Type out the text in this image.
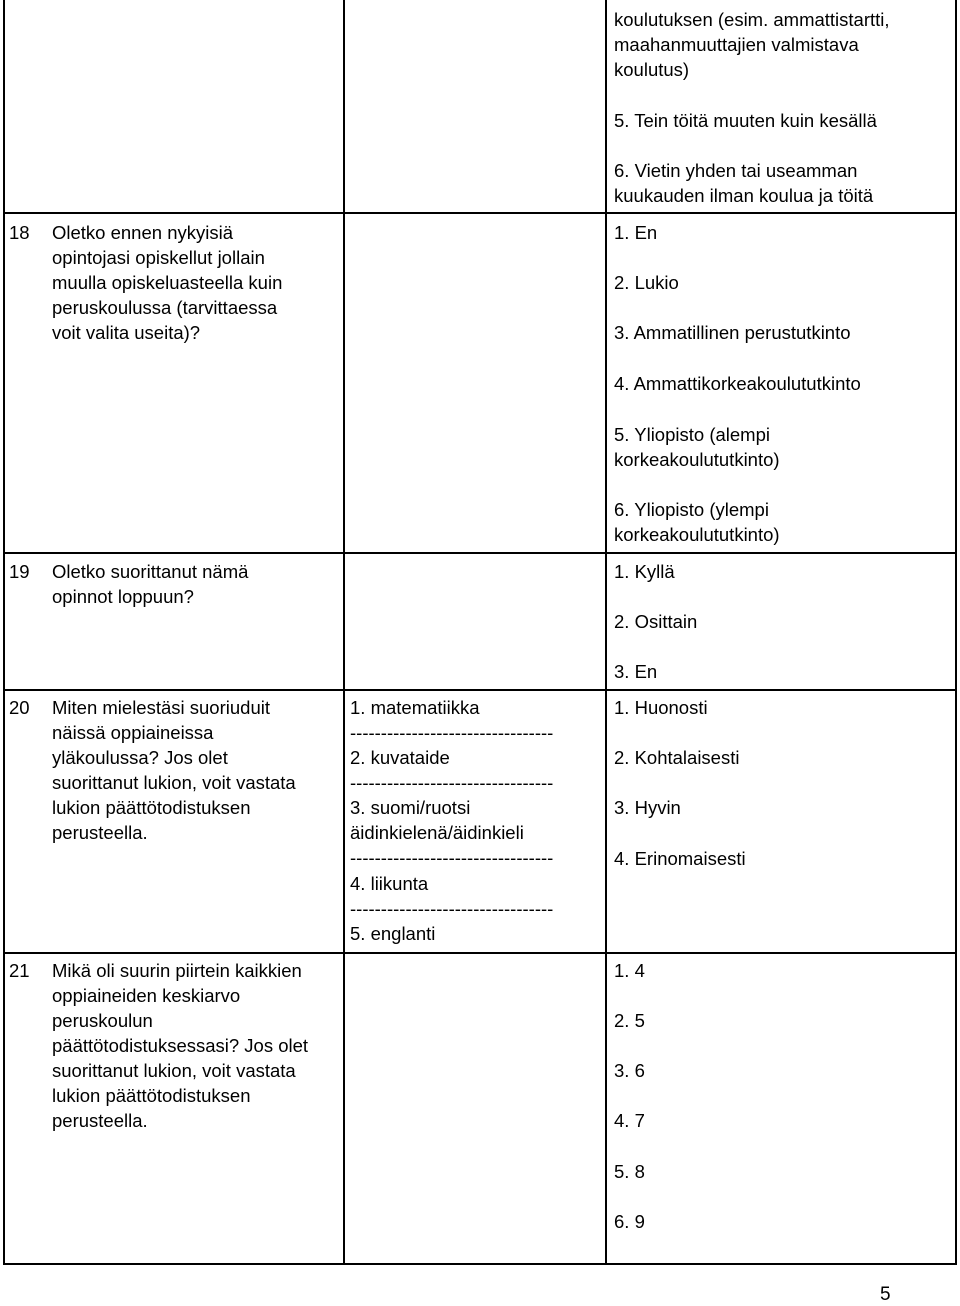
koulutuksen (esim. ammattistartti,
maahanmuuttajien valmistava
koulutus)
5. Tein töitä muuten kuin kesällä
6. Vietin yhden tai useamman
kuukauden ilman koulua ja töitä
18 Oletko ennen nykyisiä
opintojasi opiskellut jollain
muulla opiskeluasteella kuin
peruskoulussa (tarvittaessa
voit valita useita)?
1. En
2. Lukio
3. Ammatillinen perustutkinto
4. Ammattikorkeakoulututkinto
5. Yliopisto (alempi
korkeakoulututkinto)
6. Yliopisto (ylempi
korkeakoulututkinto)
19 Oletko suorittanut nämä
opinnot loppuun?
1. Kyllä
2. Osittain
3. En
20 Miten mielestäsi suoriuduit
näissä oppiaineissa
yläkoulussa? Jos olet
suorittanut lukion, voit vastata
lukion päättötodistuksen
perusteella.
1. matematiikka
---------------------------------
2. kuvataide
---------------------------------
3. suomi/ruotsi
äidinkielenä/äidinkieli
---------------------------------
4. liikunta
---------------------------------
5. englanti
1. Huonosti
2. Kohtalaisesti
3. Hyvin
4. Erinomaisesti
21 Mikä oli suurin piirtein kaikkien
oppiaineiden keskiarvo
peruskoulun
päättötodistuksessasi? Jos olet
suorittanut lukion, voit vastata
lukion päättötodistuksen
perusteella.
1. 4
2. 5
3. 6
4. 7
5. 8
6. 9
5
